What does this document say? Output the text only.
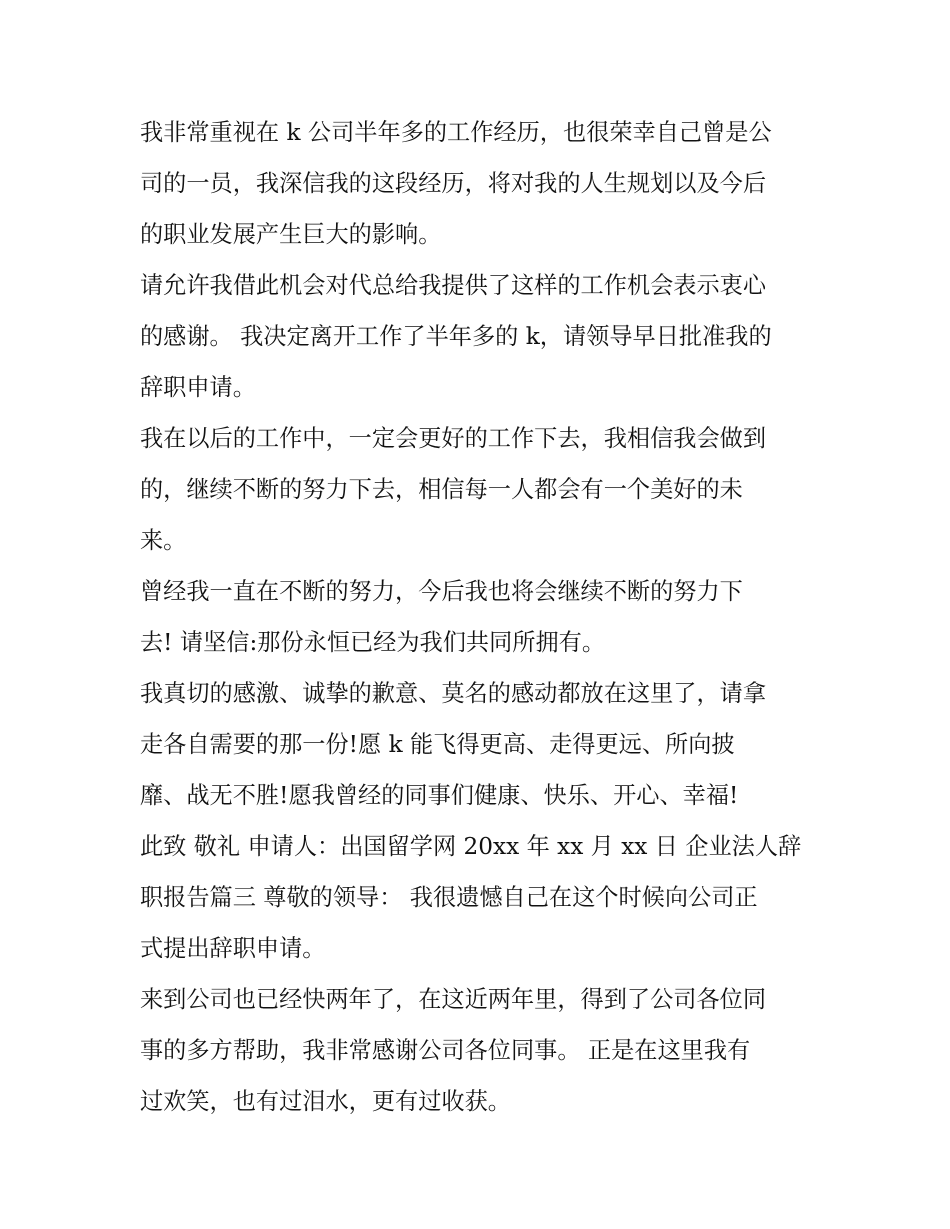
我非常重视在 k 公司半年多的工作经历，也很荣幸自己曾是公
司的一员，我深信我的这段经历，将对我的人生规划以及今后
的职业发展产生巨大的影响。

请允许我借此机会对代总给我提供了这样的工作机会表示衷心
的感谢。 我决定离开工作了半年多的 k，请领导早日批准我的
辞职申请。

我在以后的工作中，一定会更好的工作下去，我相信我会做到
的，继续不断的努力下去，相信每一人都会有一个美好的未
来。

曾经我一直在不断的努力，今后我也将会继续不断的努力下
去! 请坚信:那份永恒已经为我们共同所拥有。

我真切的感激、诚挚的歉意、莫名的感动都放在这里了，请拿
走各自需要的那一份!愿 k 能飞得更高、走得更远、所向披
靡、战无不胜!愿我曾经的同事们健康、快乐、开心、幸福!
此致 敬礼 申请人：出国留学网 20xx 年 xx 月 xx 日 企业法人辞
职报告篇三 尊敬的领导： 我很遗憾自己在这个时候向公司正
式提出辞职申请。

来到公司也已经快两年了，在这近两年里，得到了公司各位同
事的多方帮助，我非常感谢公司各位同事。 正是在这里我有
过欢笑，也有过泪水，更有过收获。
